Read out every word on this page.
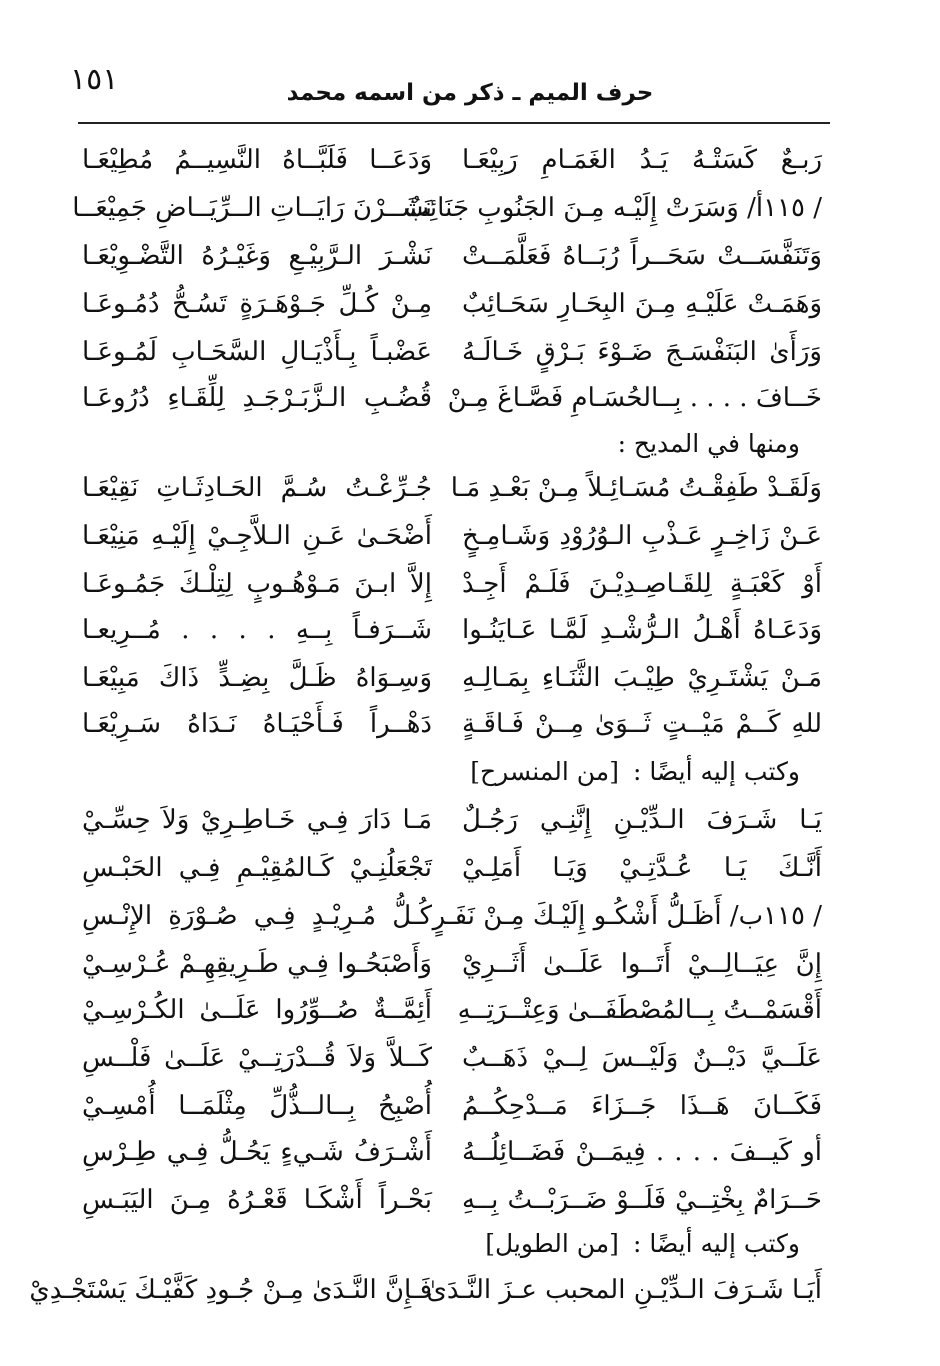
١٥١	حرف الميم ـ ذكر من اسمه محمد
رَبـعٌ كَسَتْـهُ يَـدُ الغَمَـامِ رَبِيْعَـا
وَدَعَــا فَلَبَّــاهُ النَّسِيــمُ مُطِيْعَـا
/ ١١٥أ/ وَسَرَتْ إِلَيْـه مِـنَ الجَنُوبِ جَنَائِبٌ
نَشَــرْنَ رَايَــاتِ الــرِّيَــاضِ جَمِيْعَــا
وَتَنَفَّسَــتْ سَحَــراً رُبَــاهُ فَعَلَّمَــتْ
نَشْـرَ الـرَّبِيْـعِ وَغَيْـرُهُ التَّضْـوِيْعَـا
وَهَمَـتْ عَلَيْـهِ مِـنَ البِحَـارِ سَحَـائِبٌ
مِـنْ كُـلِّ جَـوْهَـرَةٍ تَسُـحُّ دُمُـوعَـا
وَرَأَىٰ البَنَفْسَـجَ ضَـوْءَ بَـرْقٍ خَـالَـهُ
عَضْبـاً بِـأَذْيَـالِ السَّحَـابِ لَمُـوعَـا
خَــافَ . . . . بِــالحُسَـامِ فَصَّـاغَ مِـنْ
قُضُـبِ الـزَّبَـرْجَـدِ لِلِّقَـاءِ دُرُوعَـا
ومنها في المديح :
وَلَقَـدْ طَفِقْـتُ مُسَـائِـلاً مِـنْ بَعْـدِ مَـا
جُـرِّعْـتُ سُـمَّ الحَـادِثَـاتِ نَقِيْعَـا
عَـنْ زَاخِـرٍ عَـذْبِ الـوُرُوْدِ وَشَـامِـخٍ
أَضْحَـىٰ عَـنِ الـلاَّجِـيْ إِلَيْـهِ مَنِيْعَـا
أَوْ كَعْبَـةٍ لِلقَـاصِـدِيْـنَ فَلَـمْ أَجِـدْ
إِلاَّ ابـنَ مَـوْهُـوبٍ لِتِلْـكَ جَمُـوعَـا
وَدَعَـاهُ أَهْـلُ الـرُّشْـدِ لَمَّـا عَـايَنُـوا
شَــرَفـاً بِــهِ . . . . مُــرِيعـا
مَـنْ يَشْتَـرِيْ طِيْـبَ الثَّنَـاءِ بِمَـالِـهِ
وَسِـوَاهُ ظَـلَّ بِضِـدٍّ ذَاكَ مَبِيْعَـا
للهِ كَــمْ مَيْــتٍ ثَــوَىٰ مِــنْ فَـاقَـةٍ
دَهْــراً فَـأَحْيَـاهُ نَـدَاهُ سَـرِيْعَـا
وكتب إليه أيضًا :[من المنسرح]
يَـا شَـرَفَ الـدِّيْـنِ إِنَّنِـي رَجُـلٌ
مَـا دَارَ فِـي خَـاطِـرِيْ وَلاَ حِسِّـيْ
أَنَّـكَ يَـا عُـدَّتِـيْ وَيَـا أَمَلِـيْ
تَجْعَلُنِـيْ كَـالمُقِيْـمِ فِـي الحَبْـسِ
/ ١١٥ب/ أَظَـلُّ أَشْكُـو إِلَيْـكَ مِـنْ نَفَـرٍ
كُـلُّ مُـرِيْـدٍ فِـي صُـوْرَةِ الإِنْـسِ
إِنَّ عِيَــالِــيْ أَتَــوا عَلَــىٰ أَثَــرِيْ
وَأَصْبَحُـوا فِـي طَـرِيقِهِـمْ عُـرْسِـيْ
أَقْسَمْــتُ بِــالمُصْطَفَــىٰ وَعِتْــرَتِــهِ
أَئِمَّــةٌ صُــوِّرُوا عَلَــىٰ الكُـرْسِـيْ
عَلَــيَّ دَيْــنٌ وَلَيْــسَ لِــيْ ذَهَــبٌ
كَــلاَّ وَلاَ قُــدْرَتِــيْ عَلَــىٰ فَلْــسِ
فَكَــانَ هَــذَا جَــزَاءَ مَــدْحِكُــمُ
أُصْبِحُ بِــالــذُّلِّ مِثْلَمَــا أُمْسِـيْ
أو كَيــفَ . . . . فِيمَــنْ فَضَــائِلُــهُ
أَشْـرَفُ شَـيءٍ يَحُـلُّ فِـي طِـرْسِ
حَــرَامٌ بِخْتِــيْ فَلَــوْ ضَــرَبْــتُ بِــهِ
بَحْـراً أَشْكَـا قَعْـرُهُ مِـنَ اليَبَـسِ
وكتب إليه أيضًا :[من الطويل]
أَيَـا شَـرَفَ الـدِّيْـنِ المحبب عـزَ النَّـدَىٰ
فَـإِنَّ النَّـدَىٰ مِـنْ جُـودِ كَفَّيْـكَ يَسْتَجْـدِيْ
